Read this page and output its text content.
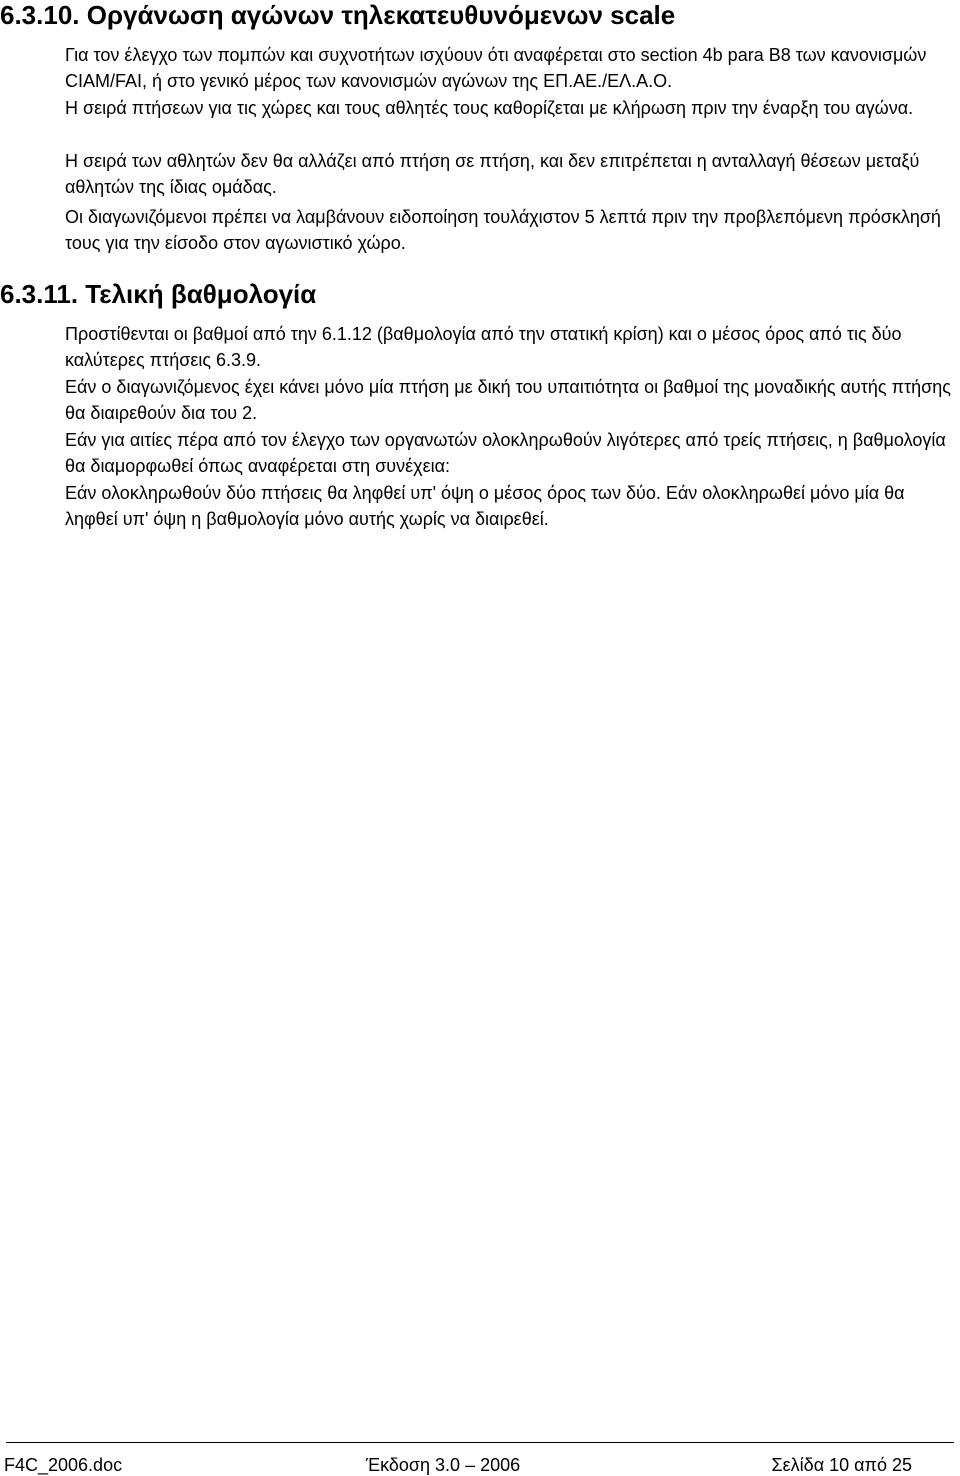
6.3.10. Οργάνωση αγώνων τηλεκατευθυνόμενων scale

Για τον έλεγχο των πομπών και συχνοτήτων ισχύουν ότι αναφέρεται στο section 4b para B8 των κανονισμών CIAM/FAI, ή στο γενικό μέρος των κανονισμών αγώνων της ΕΠ.ΑΕ./ΕΛ.Α.Ο.

Η σειρά πτήσεων για τις χώρες και τους αθλητές τους καθορίζεται με κλήρωση πριν την έναρξη του αγώνα.

Η σειρά των αθλητών δεν θα αλλάζει από πτήση σε πτήση, και δεν επιτρέπεται η ανταλλαγή θέσεων μεταξύ αθλητών της ίδιας ομάδας.

Οι διαγωνιζόμενοι πρέπει να λαμβάνουν ειδοποίηση τουλάχιστον 5 λεπτά πριν την προβλεπόμενη πρόσκλησή τους για την είσοδο στον αγωνιστικό χώρο.

6.3.11. Τελική βαθμολογία

Προστίθενται οι βαθμοί από την 6.1.12 (βαθμολογία από την στατική κρίση) και ο μέσος όρος από τις δύο καλύτερες πτήσεις 6.3.9.

Εάν ο διαγωνιζόμενος έχει κάνει μόνο μία πτήση με δική του υπαιτιότητα οι βαθμοί της μοναδικής αυτής πτήσης θα διαιρεθούν δια του 2.

Εάν για αιτίες πέρα από τον έλεγχο των οργανωτών ολοκληρωθούν λιγότερες από τρείς πτήσεις, η βαθμολογία θα διαμορφωθεί όπως αναφέρεται στη συνέχεια:

Εάν ολοκληρωθούν δύο πτήσεις θα ληφθεί υπ' όψη ο μέσος όρος των δύο. Εάν ολοκληρωθεί μόνο μία θα ληφθεί υπ' όψη η βαθμολογία μόνο αυτής χωρίς να διαιρεθεί.

F4C_2006.doc	Έκδοση 3.0 – 2006	Σελίδα 10 από 25
